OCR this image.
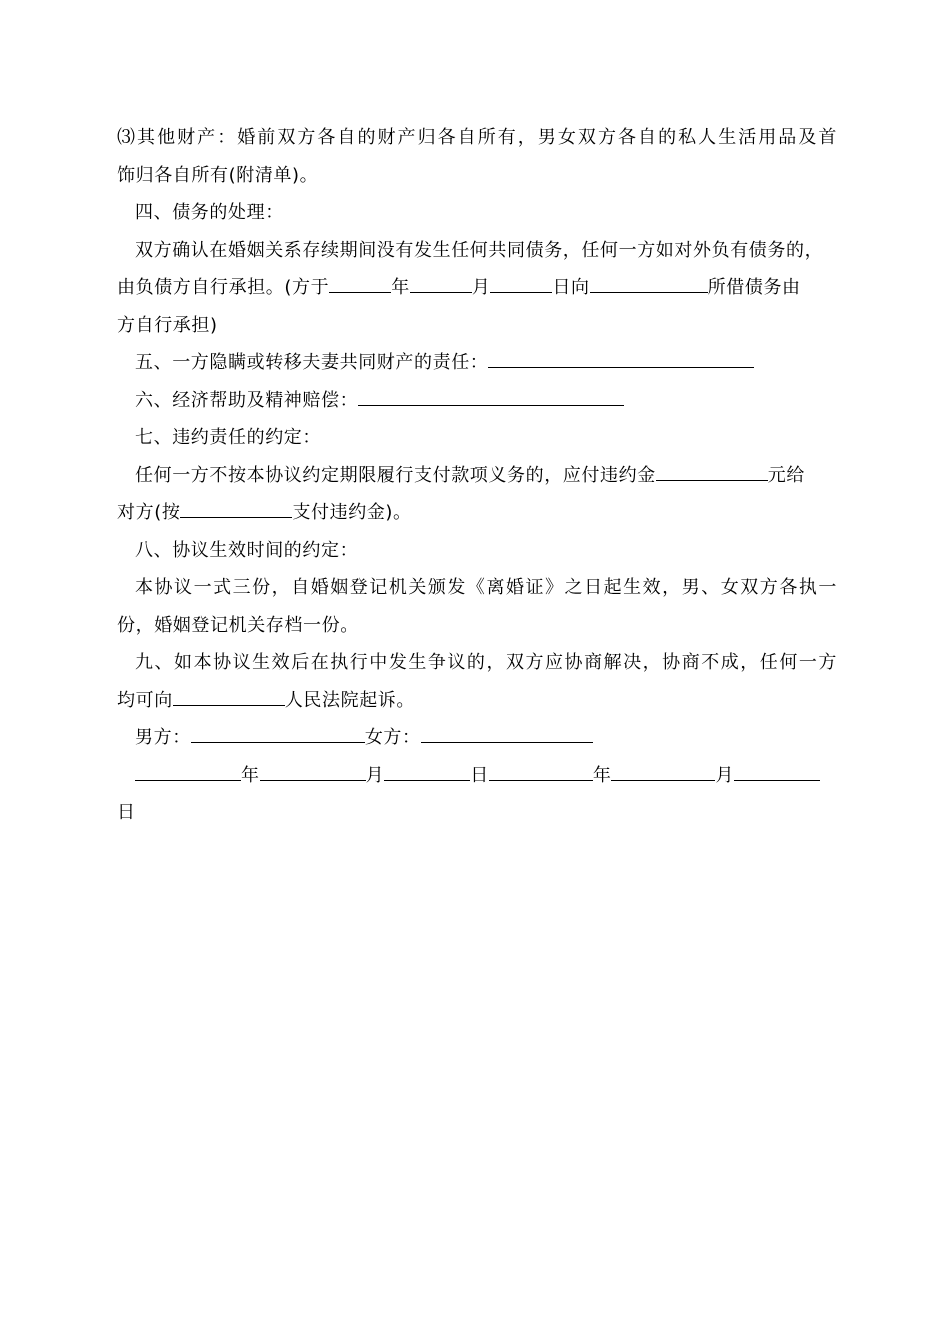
⑶其他财产：婚前双方各自的财产归各自所有，男女双方各自的私人生活用品及首
饰归各自所有(附清单)。
四、债务的处理：
双方确认在婚姻关系存续期间没有发生任何共同债务，任何一方如对外负有债务的，
由负债方自行承担。(方于	年	月	日向	所借债务由
方自行承担)
五、一方隐瞒或转移夫妻共同财产的责任：
六、经济帮助及精神赔偿：
七、违约责任的约定：
任何一方不按本协议约定期限履行支付款项义务的，应付违约金	元给
对方(按	支付违约金)。
八、协议生效时间的约定：
本协议一式三份，自婚姻登记机关颁发《离婚证》之日起生效，男、女双方各执一
份，婚姻登记机关存档一份。
九、如本协议生效后在执行中发生争议的，双方应协商解决，协商不成，任何一方
均可向	人民法院起诉。
男方：	女方：
年	月	日	年	月
日
